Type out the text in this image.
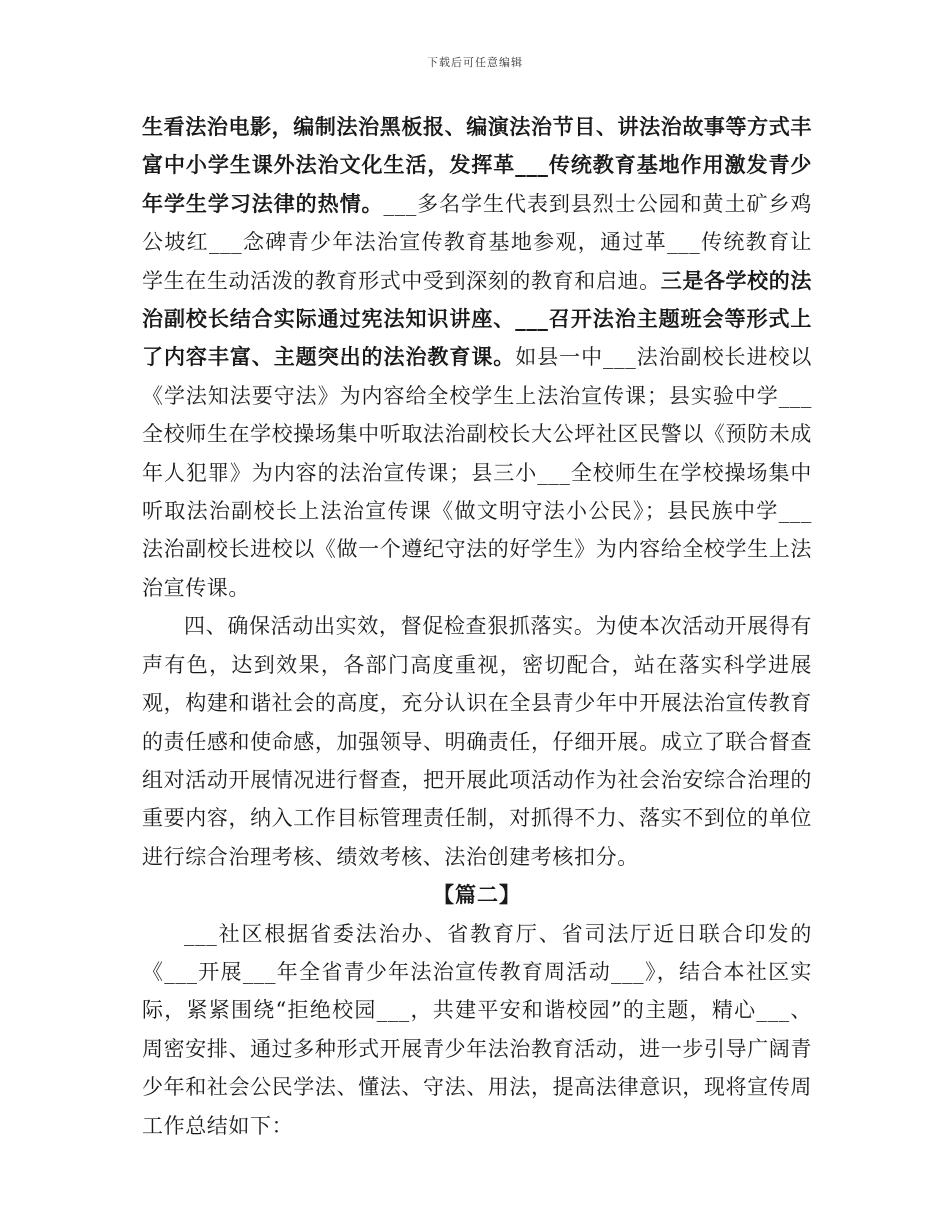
下载后可任意编辑

生看法治电影，编制法治黑板报、编演法治节目、讲法治故事等方式丰富中小学生课外法治文化生活，发挥革___传统教育基地作用激发青少年学生学习法律的热情。___多名学生代表到县烈士公园和黄土矿乡鸡公坡红___念碑青少年法治宣传教育基地参观，通过革___传统教育让学生在生动活泼的教育形式中受到深刻的教育和启迪。三是各学校的法治副校长结合实际通过宪法知识讲座、___召开法治主题班会等形式上了内容丰富、主题突出的法治教育课。如县一中___法治副校长进校以《学法知法要守法》为内容给全校学生上法治宣传课；县实验中学___全校师生在学校操场集中听取法治副校长大公坪社区民警以《预防未成年人犯罪》为内容的法治宣传课；县三小___全校师生在学校操场集中听取法治副校长上法治宣传课《做文明守法小公民》；县民族中学___法治副校长进校以《做一个遵纪守法的好学生》为内容给全校学生上法治宣传课。

四、确保活动出实效，督促检查狠抓落实。为使本次活动开展得有声有色，达到效果，各部门高度重视，密切配合，站在落实科学进展观，构建和谐社会的高度，充分认识在全县青少年中开展法治宣传教育的责任感和使命感，加强领导、明确责任，仔细开展。成立了联合督查组对活动开展情况进行督查，把开展此项活动作为社会治安综合治理的重要内容，纳入工作目标管理责任制，对抓得不力、落实不到位的单位进行综合治理考核、绩效考核、法治创建考核扣分。

【篇二】

___社区根据省委法治办、省教育厅、省司法厅近日联合印发的《___开展___年全省青少年法治宣传教育周活动___》，结合本社区实际，紧紧围绕“拒绝校园___，共建平安和谐校园”的主题，精心___、周密安排、通过多种形式开展青少年法治教育活动，进一步引导广阔青少年和社会公民学法、懂法、守法、用法，提高法律意识，现将宣传周工作总结如下：
